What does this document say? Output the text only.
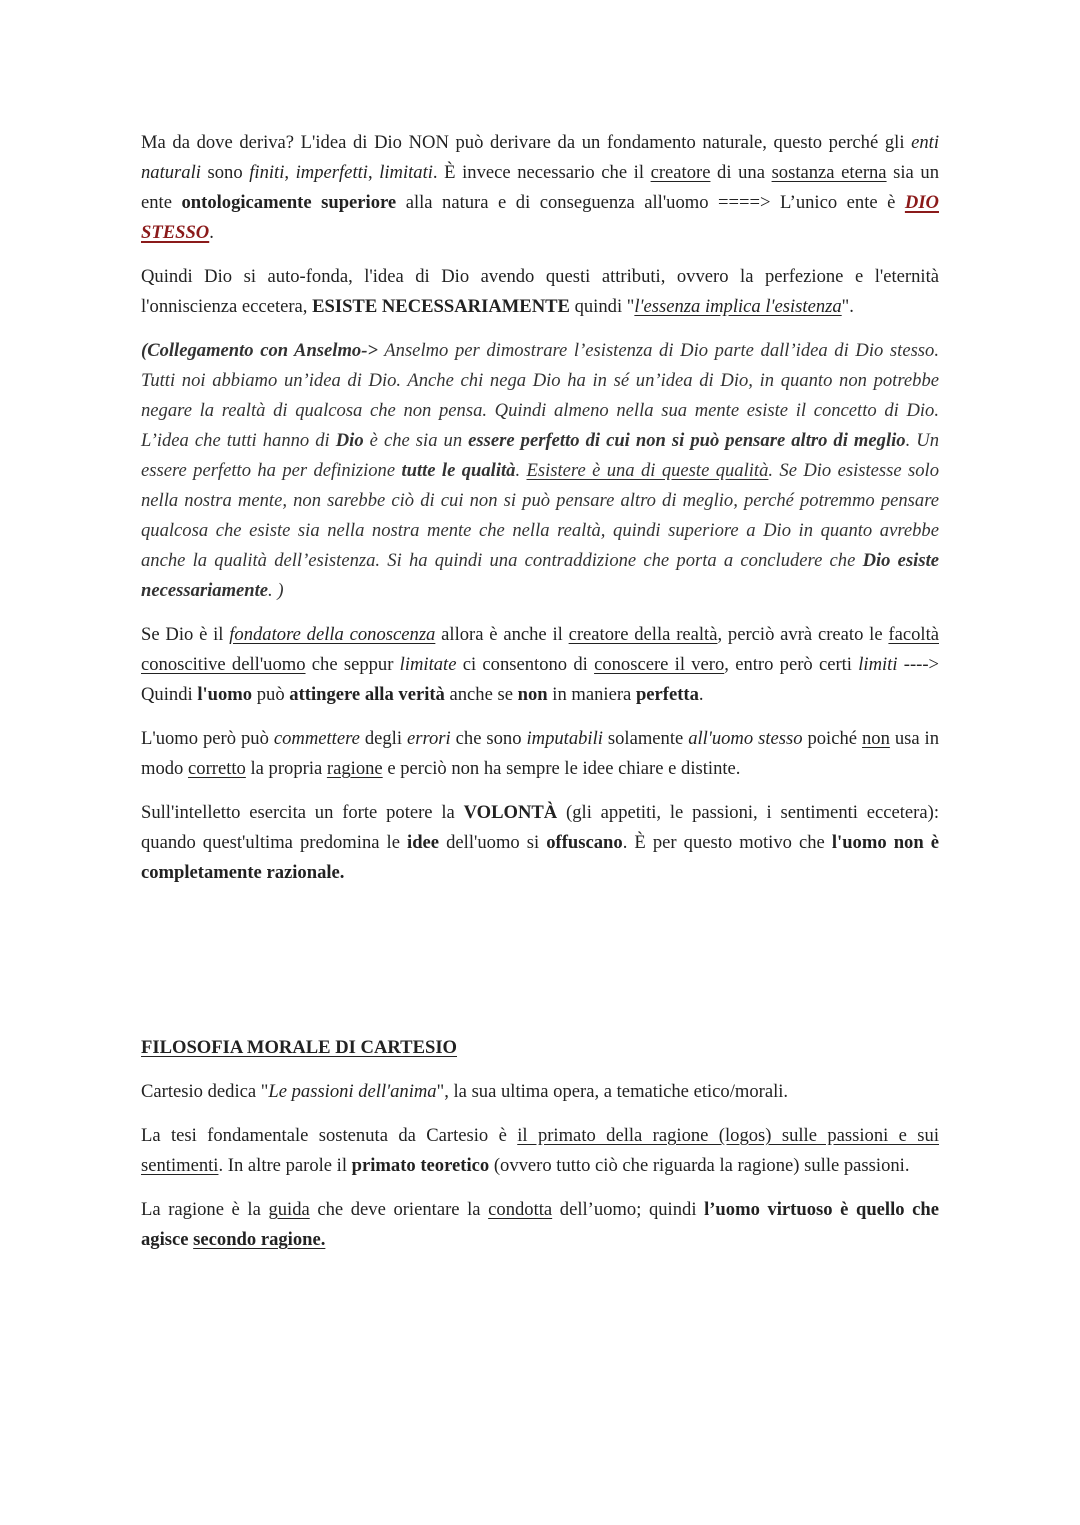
Ma da dove deriva? L'idea di Dio NON può derivare da un fondamento naturale, questo perché gli enti naturali sono finiti, imperfetti, limitati. È invece necessario che il creatore di una sostanza eterna sia un ente ontologicamente superiore alla natura e di conseguenza all'uomo ====> L’unico ente è DIO STESSO.

Quindi Dio si auto-fonda, l'idea di Dio avendo questi attributi, ovvero la perfezione e l'eternità l'onniscienza eccetera, ESISTE NECESSARIAMENTE quindi "l'essenza implica l'esistenza".

(Collegamento con Anselmo-> Anselmo per dimostrare l’esistenza di Dio parte dall’idea di Dio stesso. Tutti noi abbiamo un’idea di Dio. Anche chi nega Dio ha in sé un’idea di Dio, in quanto non potrebbe negare la realtà di qualcosa che non pensa. Quindi almeno nella sua mente esiste il concetto di Dio. L’idea che tutti hanno di Dio è che sia un essere perfetto di cui non si può pensare altro di meglio. Un essere perfetto ha per definizione tutte le qualità. Esistere è una di queste qualità. Se Dio esistesse solo nella nostra mente, non sarebbe ciò di cui non si può pensare altro di meglio, perché potremmo pensare qualcosa che esiste sia nella nostra mente che nella realtà, quindi superiore a Dio in quanto avrebbe anche la qualità dell’esistenza. Si ha quindi una contraddizione che porta a concludere che Dio esiste necessariamente. )

Se Dio è il fondatore della conoscenza allora è anche il creatore della realtà, perciò avrà creato le facoltà conoscitive dell'uomo che seppur limitate ci consentono di conoscere il vero, entro però certi limiti ----> Quindi l'uomo può attingere alla verità anche se non in maniera perfetta.

L'uomo però può commettere degli errori che sono imputabili solamente all'uomo stesso poiché non usa in modo corretto la propria ragione e perciò non ha sempre le idee chiare e distinte.

Sull'intelletto esercita un forte potere la VOLONTÀ (gli appetiti, le passioni, i sentimenti eccetera): quando quest'ultima predomina le idee dell'uomo si offuscano. È per questo motivo che l'uomo non è completamente razionale.

FILOSOFIA MORALE DI CARTESIO

Cartesio dedica "Le passioni dell'anima", la sua ultima opera, a tematiche etico/morali.

La tesi fondamentale sostenuta da Cartesio è il primato della ragione (logos) sulle passioni e sui sentimenti. In altre parole il primato teoretico (ovvero tutto ciò che riguarda la ragione) sulle passioni.

La ragione è la guida che deve orientare la condotta dell’uomo; quindi l’uomo virtuoso è quello che agisce secondo ragione.
